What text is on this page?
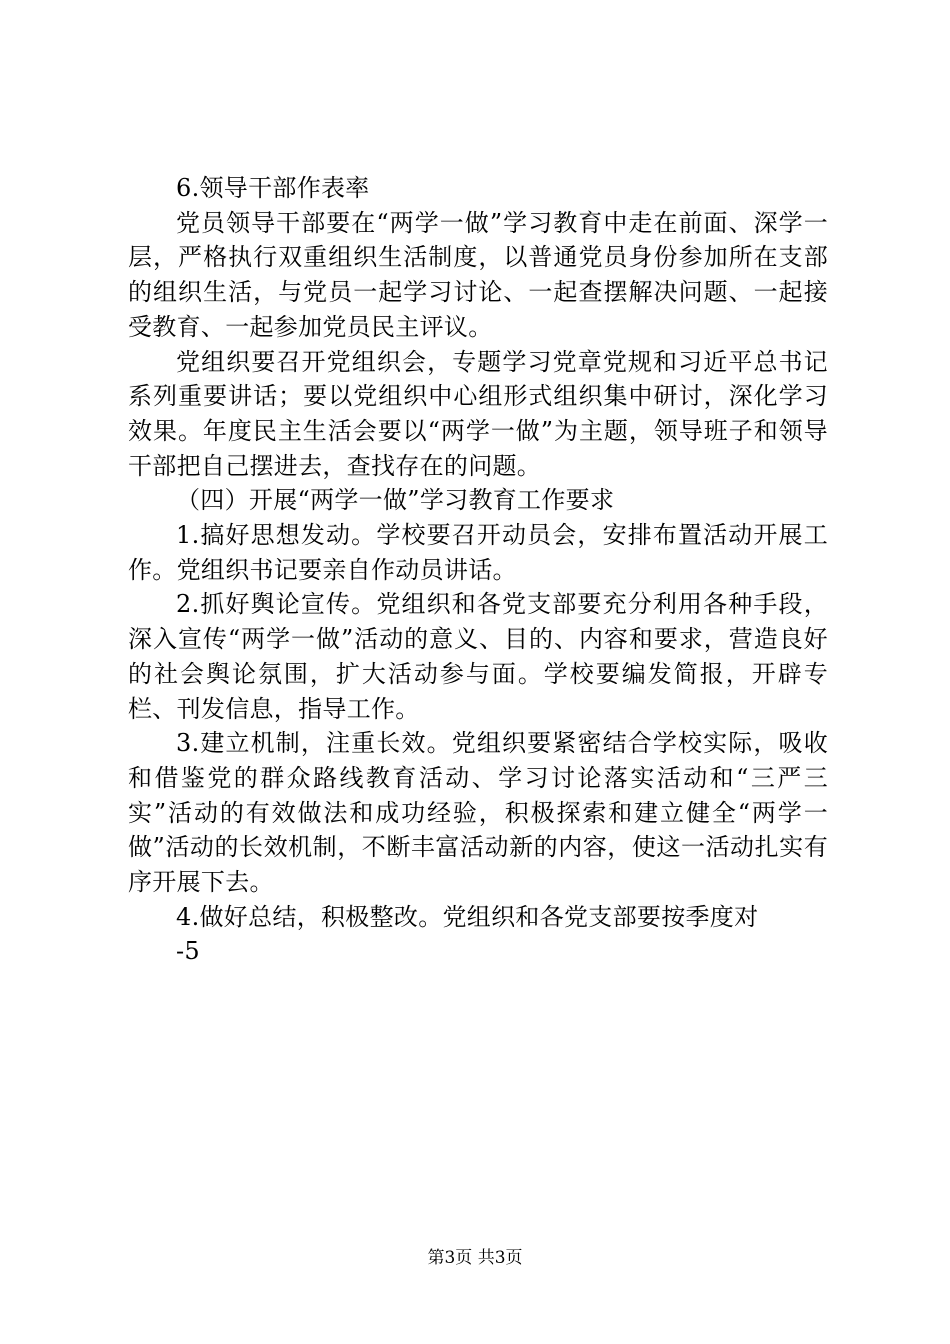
6.领导干部作表率

党员领导干部要在“两学一做”学习教育中走在前面、深学一层，严格执行双重组织生活制度，以普通党员身份参加所在支部的组织生活，与党员一起学习讨论、一起查摆解决问题、一起接受教育、一起参加党员民主评议。

党组织要召开党组织会，专题学习党章党规和习近平总书记系列重要讲话；要以党组织中心组形式组织集中研讨，深化学习效果。年度民主生活会要以“两学一做”为主题，领导班子和领导干部把自己摆进去，查找存在的问题。

（四）开展“两学一做”学习教育工作要求

1.搞好思想发动。学校要召开动员会，安排布置活动开展工作。党组织书记要亲自作动员讲话。

2.抓好舆论宣传。党组织和各党支部要充分利用各种手段，深入宣传“两学一做”活动的意义、目的、内容和要求，营造良好的社会舆论氛围，扩大活动参与面。学校要编发简报，开辟专栏、刊发信息，指导工作。

3.建立机制，注重长效。党组织要紧密结合学校实际，吸收和借鉴党的群众路线教育活动、学习讨论落实活动和“三严三实”活动的有效做法和成功经验，积极探索和建立健全“两学一做”活动的长效机制，不断丰富活动新的内容，使这一活动扎实有序开展下去。

4.做好总结，积极整改。党组织和各党支部要按季度对

-5

第3页 共3页
